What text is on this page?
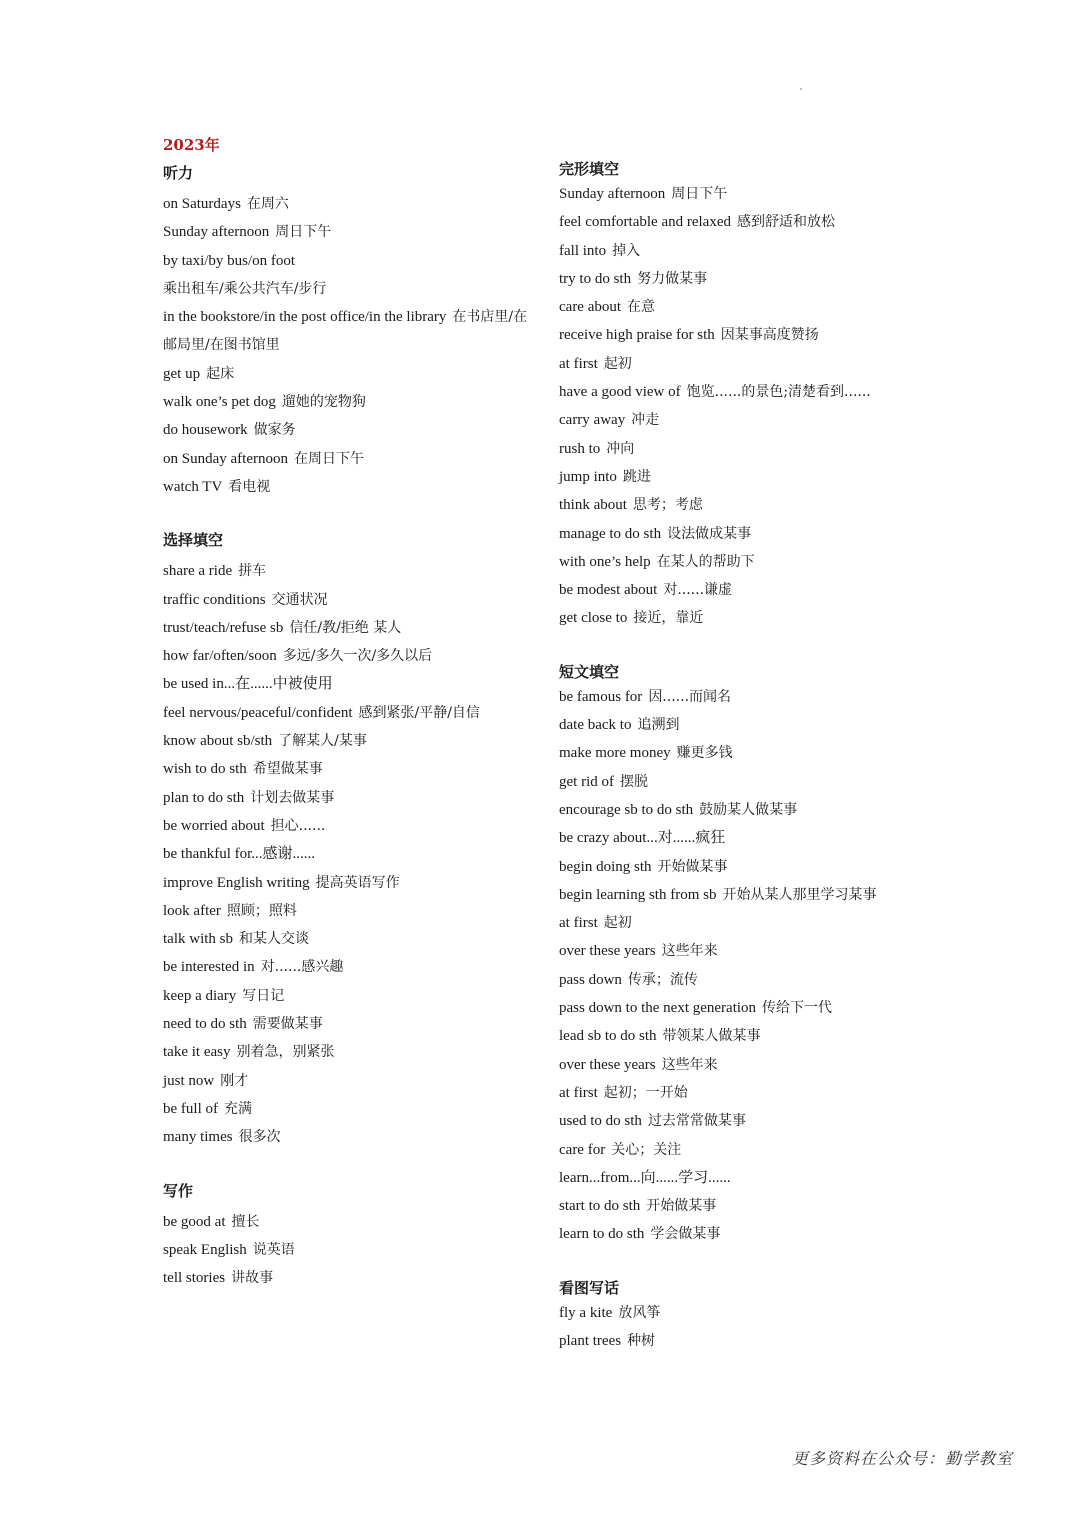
2023年
听力
on Saturdays 在周六
Sunday afternoon 周日下午
by taxi/by bus/on foot
乘出租车/乘公共汽车/步行
in the bookstore/in the post office/in the library 在书店里/在邮局里/在图书馆里
get up 起床
walk one’s pet dog 遛她的宠物狗
do housework 做家务
on Sunday afternoon 在周日下午
watch TV 看电视
选择填空
share a ride 拼车
traffic conditions 交通状况
trust/teach/refuse sb 信任/教/拒绝 某人
how far/often/soon 多远/多久一次/多久以后
be used in...在......中被使用
feel nervous/peaceful/confident 感到紧张/平静/自信
know about sb/sth 了解某人/某事
wish to do sth 希望做某事
plan to do sth 计划去做某事
be worried about 担心......
be thankful for...感谢......
improve English writing 提高英语写作
look after 照顾；照料
talk with sb 和某人交谈
be interested in 对......感兴趣
keep a diary 写日记
need to do sth 需要做某事
take it easy 别着急，别紧张
just now 刚才
be full of 充满
many times 很多次
写作
be good at 擅长
speak English 说英语
tell stories 讲故事
完形填空
Sunday afternoon 周日下午
feel comfortable and relaxed 感到舒适和放松
fall into 掉入
try to do sth 努力做某事
care about 在意
receive high praise for sth 因某事高度赞扬
at first 起初
have a good view of 饱览......的景色;清楚看到......
carry away 冲走
rush to 冲向
jump into 跳进
think about 思考；考虑
manage to do sth 设法做成某事
with one’s help 在某人的帮助下
be modest about 对......谦虚
get close to 接近，靠近
短文填空
be famous for 因......而闻名
date back to 追溯到
make more money 赚更多钱
get rid of 摆脱
encourage sb to do sth 鼓励某人做某事
be crazy about...对......疯狂
begin doing sth 开始做某事
begin learning sth from sb 开始从某人那里学习某事
at first 起初
over these years 这些年来
pass down 传承；流传
pass down to the next generation 传给下一代
lead sb to do sth 带领某人做某事
over these years 这些年来
at first 起初；一开始
used to do sth 过去常常做某事
care for 关心；关注
learn...from...向......学习......
start to do sth 开始做某事
learn to do sth 学会做某事
看图写话
fly a kite 放风筝
plant trees 种树
更多资料在公众号：勤学教室
